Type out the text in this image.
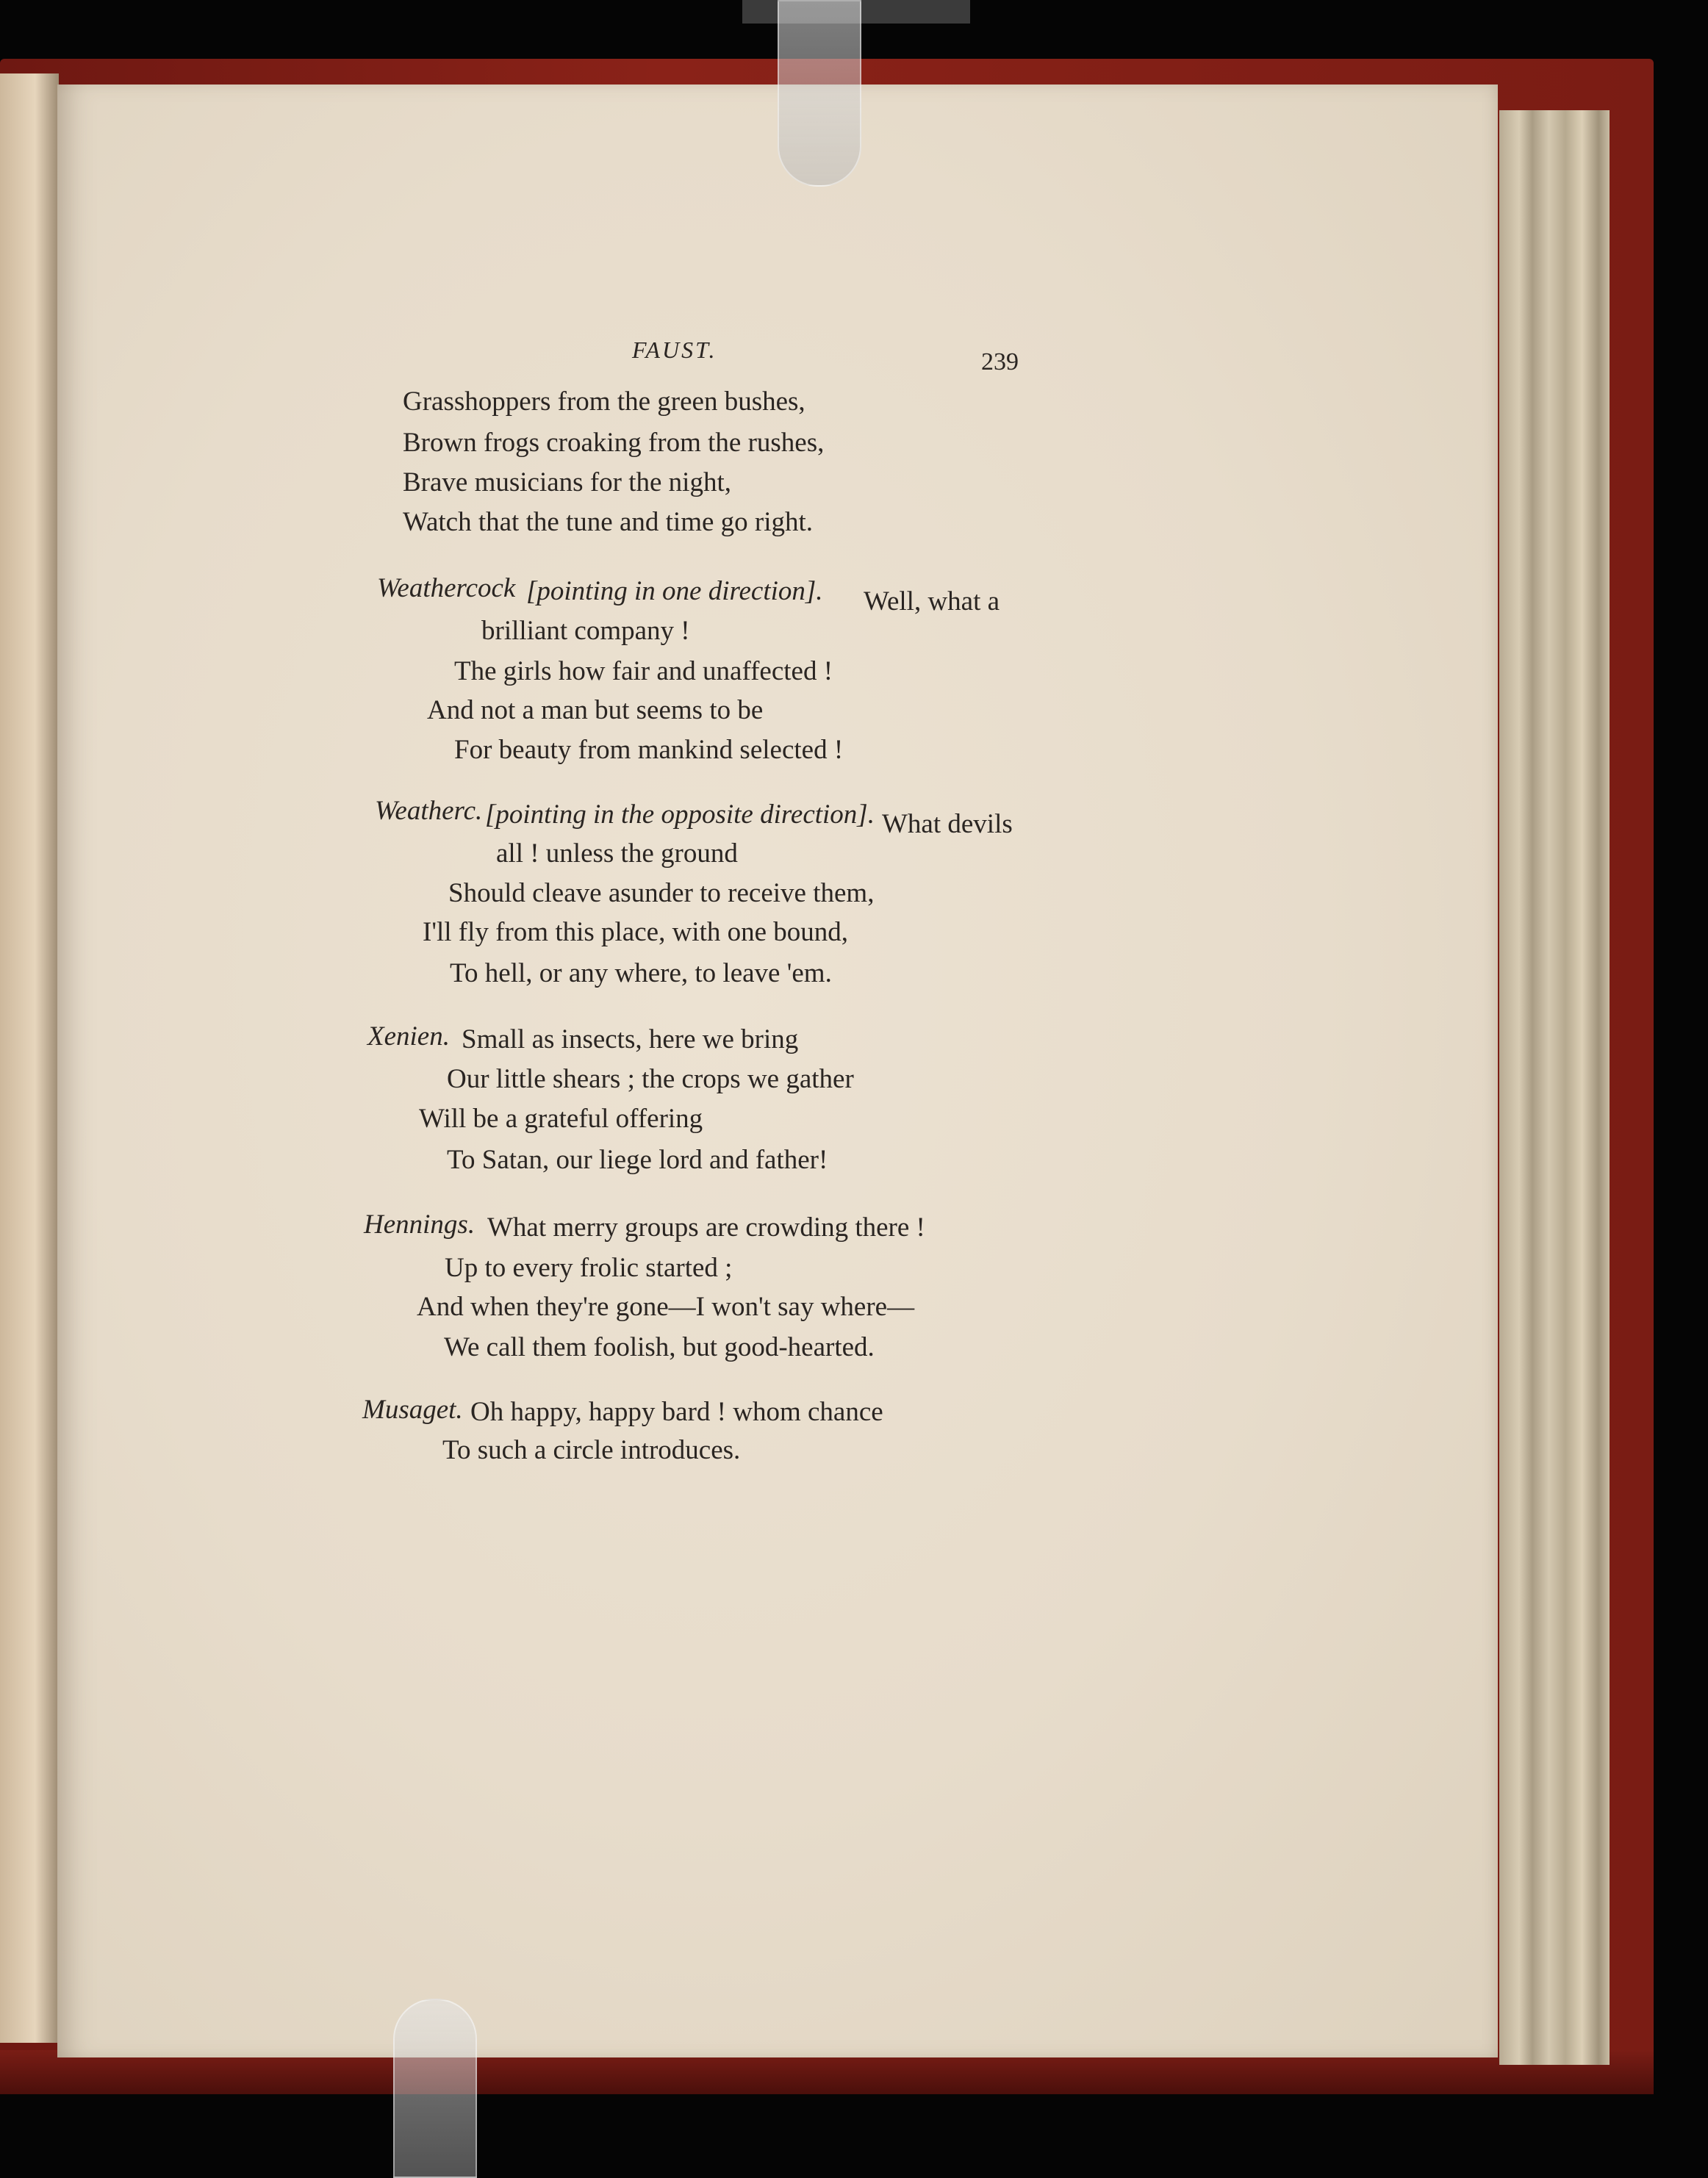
FAUST.	239
Grasshoppers from the green bushes,
Brown frogs croaking from the rushes,
Brave musicians for the night,
Watch that the tune and time go right.
Weathercock [pointing in one direction]. Well, what a
brilliant company !
The girls how fair and unaffected !
And not a man but seems to be
For beauty from mankind selected !
Weatherc. [pointing in the opposite direction]. What devils
all ! unless the ground
Should cleave asunder to receive them,
I'll fly from this place, with one bound,
To hell, or any where, to leave 'em.
Xenien. Small as insects, here we bring
Our little shears ; the crops we gather
Will be a grateful offering
To Satan, our liege lord and father!
Hennings. What merry groups are crowding there !
Up to every frolic started ;
And when they're gone—I won't say where—
We call them foolish, but good-hearted.
Musaget. Oh happy, happy bard ! whom chance
To such a circle introduces.
